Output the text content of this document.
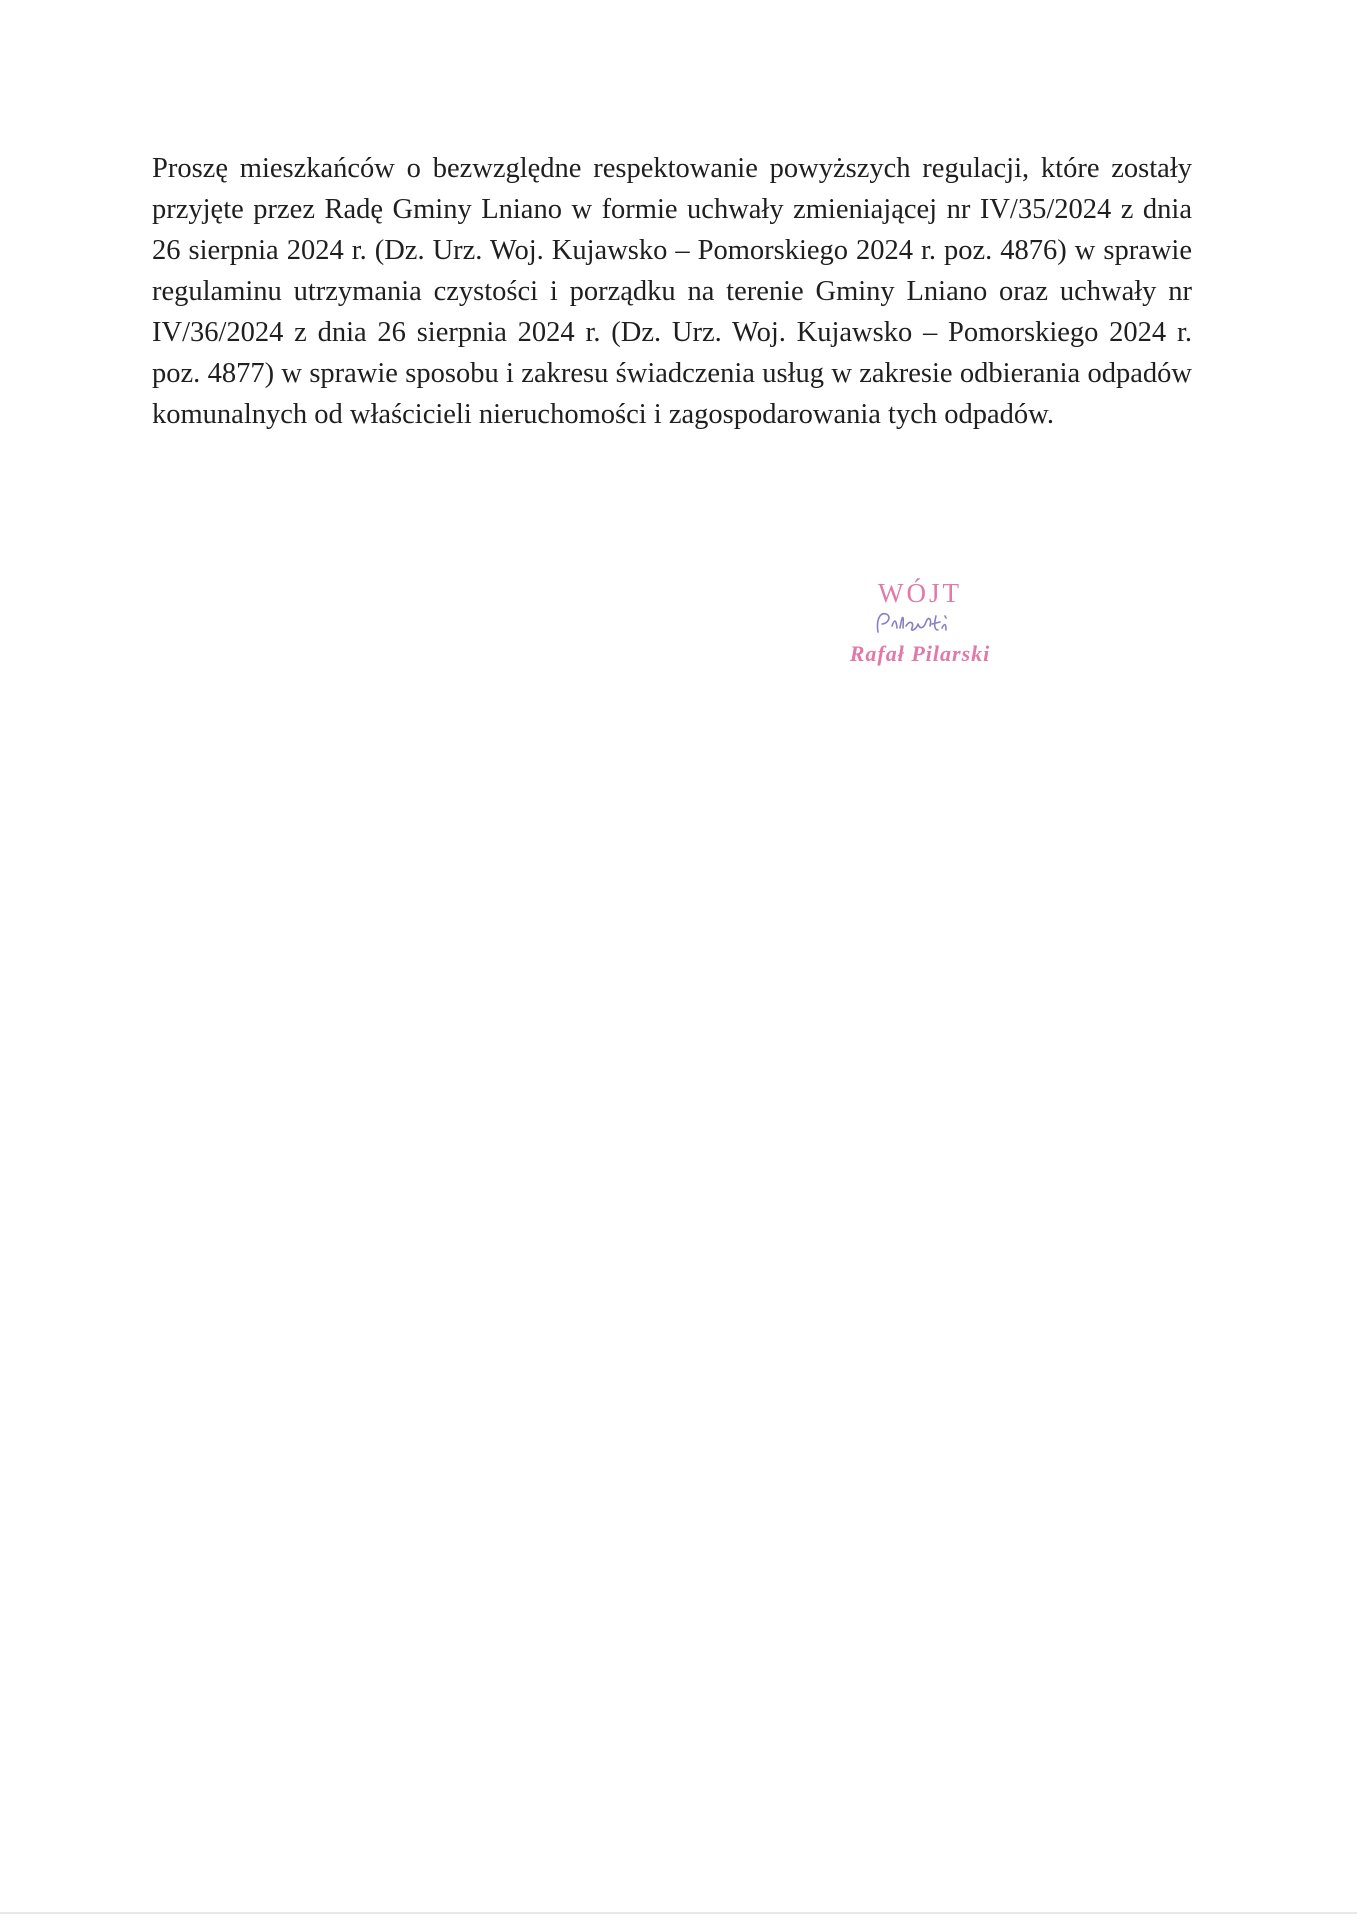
Proszę mieszkańców o bezwzględne respektowanie powyższych regulacji, które zostały przyjęte przez Radę Gminy Lniano w formie uchwały zmieniającej nr IV/35/2024 z dnia 26 sierpnia 2024 r. (Dz. Urz. Woj. Kujawsko – Pomorskiego 2024 r. poz. 4876) w sprawie regulaminu utrzymania czystości i porządku na terenie Gminy Lniano oraz uchwały nr IV/36/2024 z dnia 26 sierpnia 2024 r. (Dz. Urz. Woj. Kujawsko – Pomorskiego 2024 r. poz. 4877) w sprawie sposobu i zakresu świadczenia usług w zakresie odbierania odpadów komunalnych od właścicieli nieruchomości i zagospodarowania tych odpadów.

WÓJT
Rafał Pilarski
